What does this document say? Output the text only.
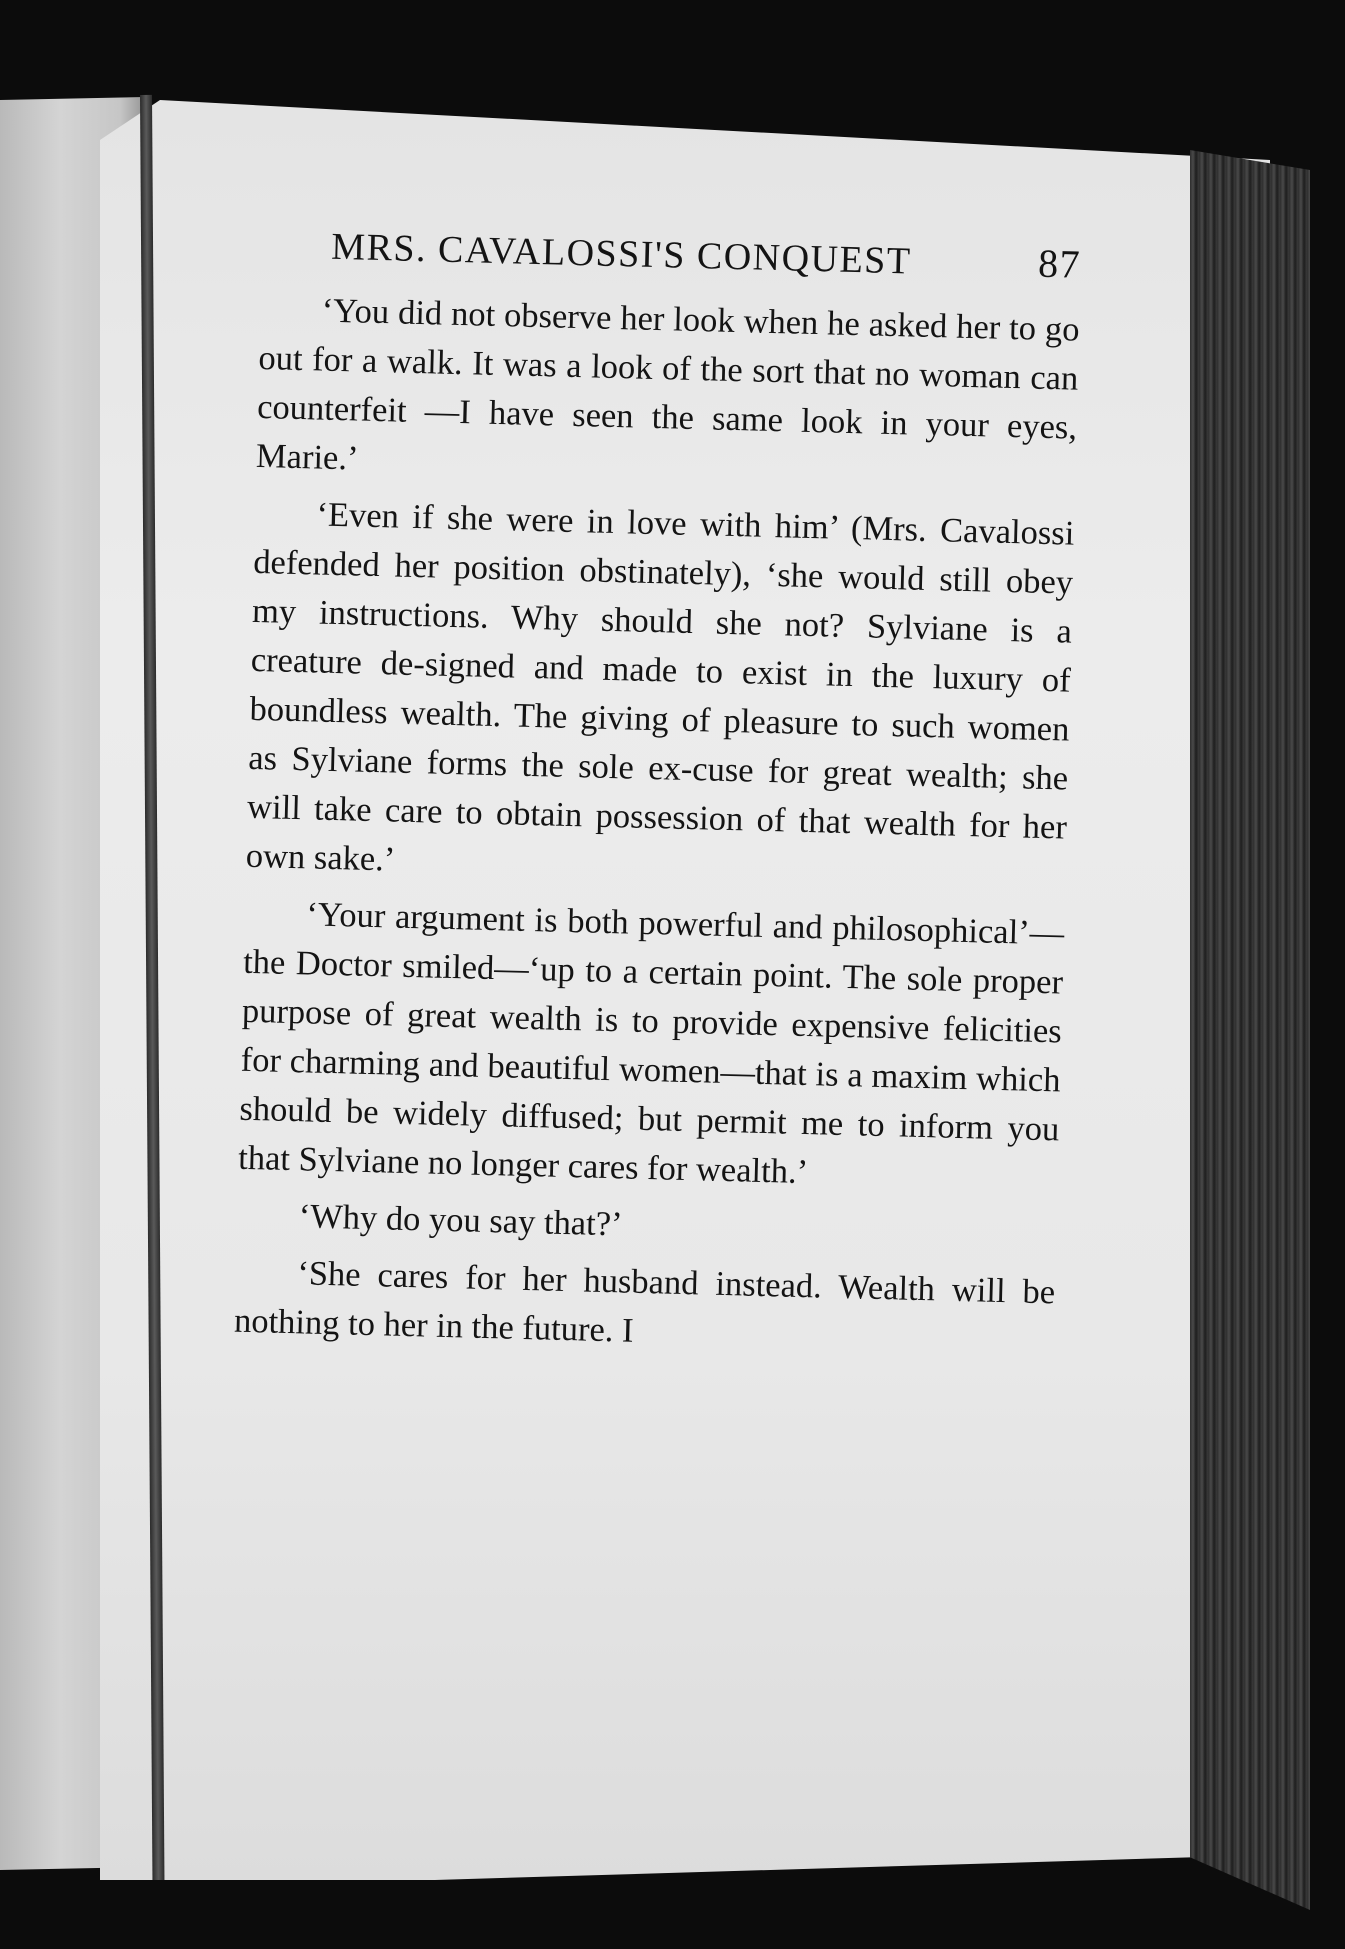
MRS. CAVALOSSI'S CONQUEST	87

‘You did not observe her look when he asked her to go out for a walk. It was a look of the sort that no woman can counterfeit —I have seen the same look in your eyes, Marie.’

‘Even if she were in love with him’ (Mrs. Cavalossi defended her position obstinately), ‘she would still obey my instructions. Why should she not? Sylviane is a creature de-signed and made to exist in the luxury of boundless wealth. The giving of pleasure to such women as Sylviane forms the sole ex-cuse for great wealth; she will take care to obtain possession of that wealth for her own sake.’

‘Your argument is both powerful and philosophical’—the Doctor smiled—‘up to a certain point. The sole proper purpose of great wealth is to provide expensive felicities for charming and beautiful women—that is a maxim which should be widely diffused; but permit me to inform you that Sylviane no longer cares for wealth.’

‘Why do you say that?’

‘She cares for her husband instead. Wealth will be nothing to her in the future. I
